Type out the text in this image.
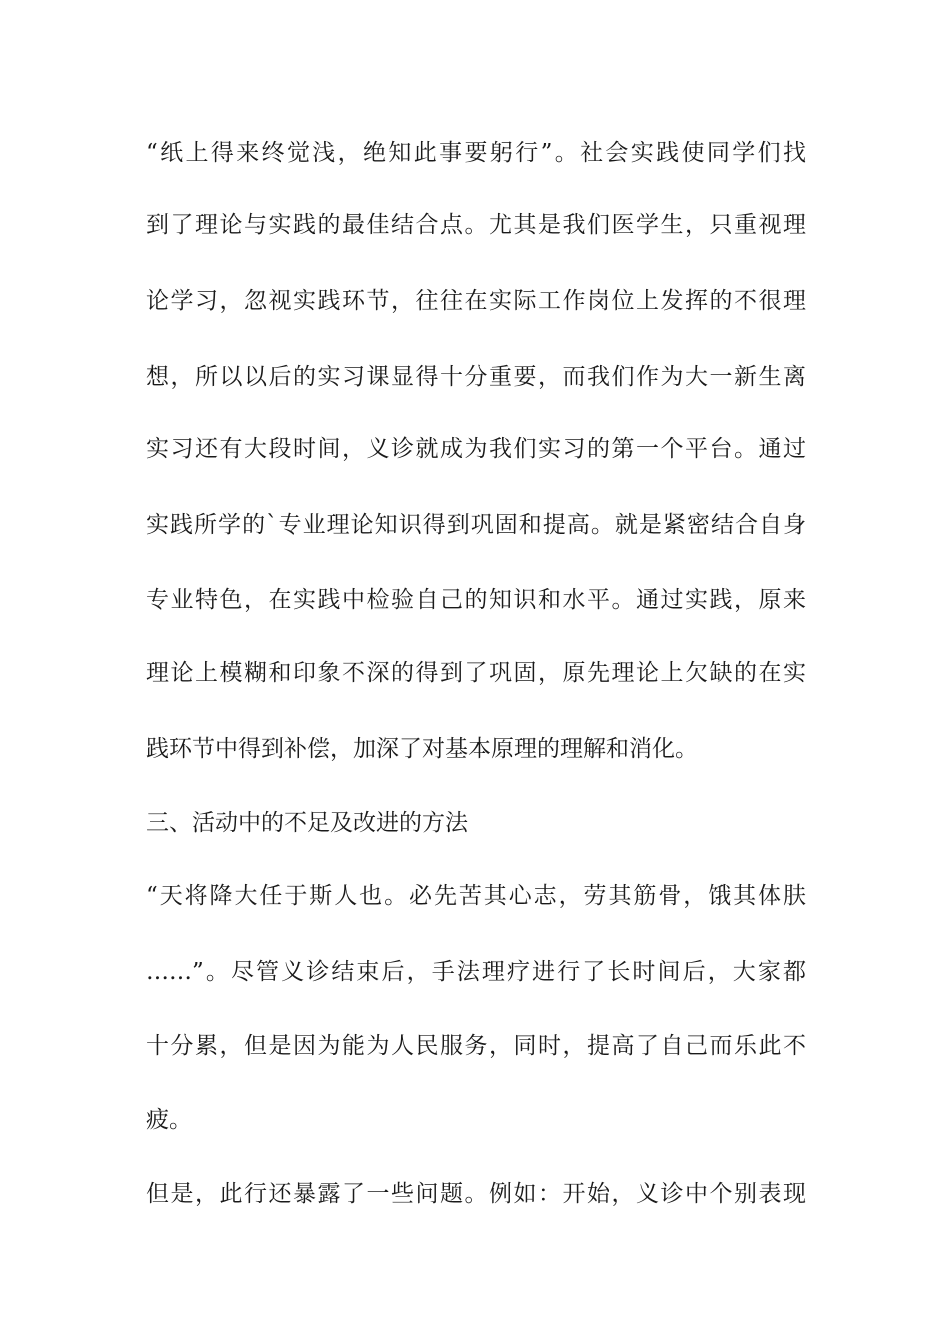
“纸上得来终觉浅，绝知此事要躬行”。社会实践使同学们找
到了理论与实践的最佳结合点。尤其是我们医学生，只重视理
论学习，忽视实践环节，往往在实际工作岗位上发挥的不很理
想，所以以后的实习课显得十分重要，而我们作为大一新生离
实习还有大段时间，义诊就成为我们实习的第一个平台。通过
实践所学的`专业理论知识得到巩固和提高。就是紧密结合自身
专业特色，在实践中检验自己的知识和水平。通过实践，原来
理论上模糊和印象不深的得到了巩固，原先理论上欠缺的在实
践环节中得到补偿，加深了对基本原理的理解和消化。
三、活动中的不足及改进的方法
“天将降大任于斯人也。必先苦其心志，劳其筋骨，饿其体肤
……”。尽管义诊结束后，手法理疗进行了长时间后，大家都
十分累，但是因为能为人民服务，同时，提高了自己而乐此不
疲。
但是，此行还暴露了一些问题。例如：开始，义诊中个别表现
